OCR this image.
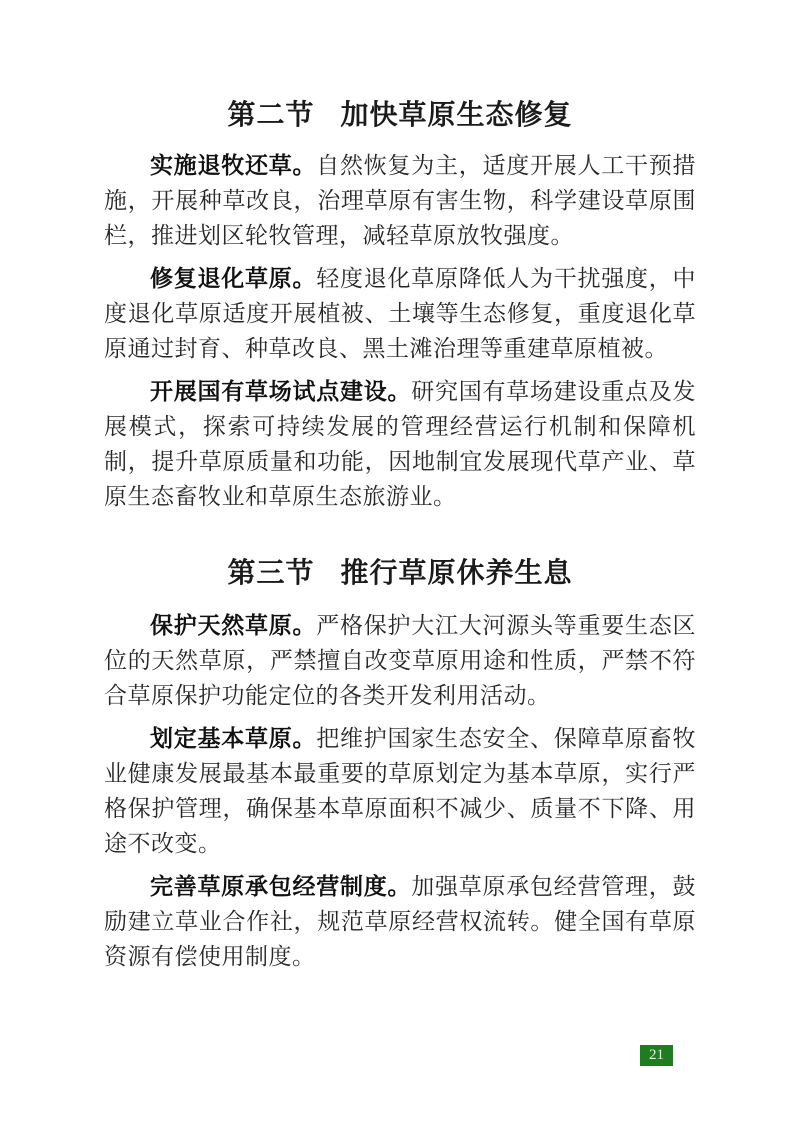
第二节 加快草原生态修复

实施退牧还草。自然恢复为主，适度开展人工干预措施，开展种草改良，治理草原有害生物，科学建设草原围栏，推进划区轮牧管理，减轻草原放牧强度。

修复退化草原。轻度退化草原降低人为干扰强度，中度退化草原适度开展植被、土壤等生态修复，重度退化草原通过封育、种草改良、黑土滩治理等重建草原植被。

开展国有草场试点建设。研究国有草场建设重点及发展模式，探索可持续发展的管理经营运行机制和保障机制，提升草原质量和功能，因地制宜发展现代草产业、草原生态畜牧业和草原生态旅游业。

第三节 推行草原休养生息

保护天然草原。严格保护大江大河源头等重要生态区位的天然草原，严禁擅自改变草原用途和性质，严禁不符合草原保护功能定位的各类开发利用活动。

划定基本草原。把维护国家生态安全、保障草原畜牧业健康发展最基本最重要的草原划定为基本草原，实行严格保护管理，确保基本草原面积不减少、质量不下降、用途不改变。

完善草原承包经营制度。加强草原承包经营管理，鼓励建立草业合作社，规范草原经营权流转。健全国有草原资源有偿使用制度。

21
